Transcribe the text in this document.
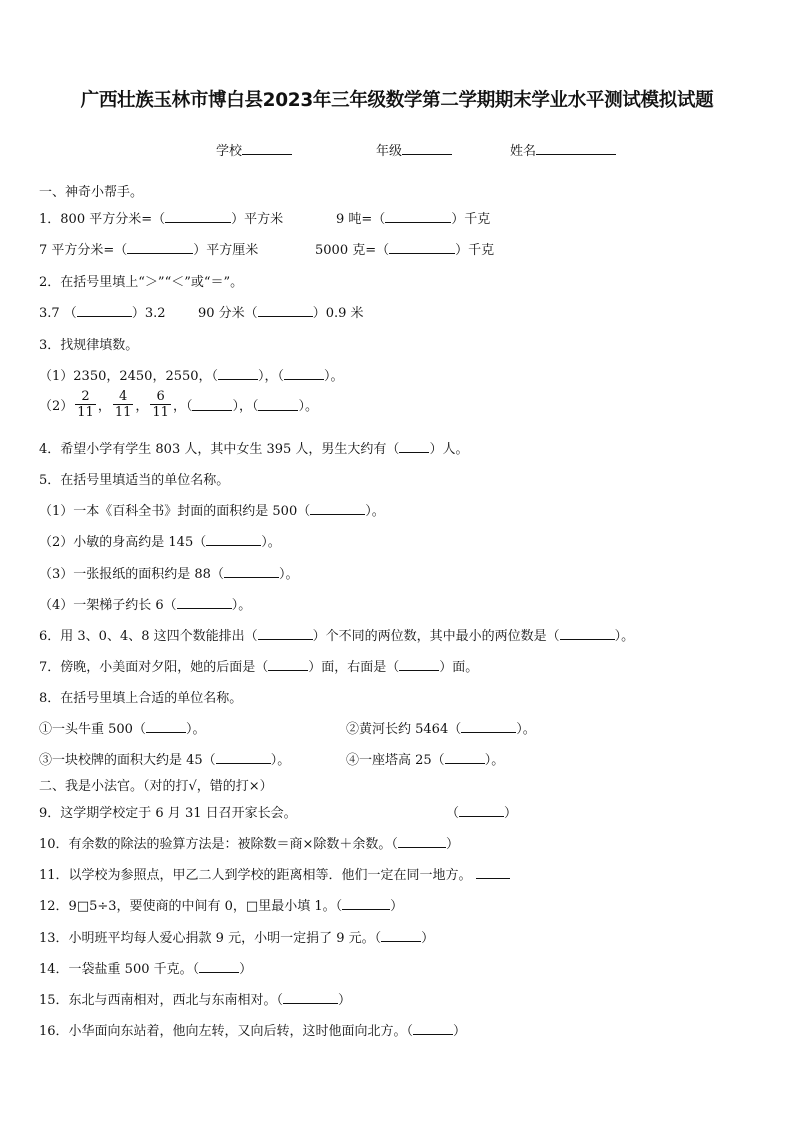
广西壮族玉林市博白县2023年三年级数学第二学期期末学业水平测试模拟试题
学校	年级	姓名
一、神奇小帮手。
1．800 平方分米=（	）平方米	9 吨=（	）千克
7 平方分米=（	）平方厘米	5000 克=（	）千克
2．在括号里填上“＞”“＜”或“＝”。
3.7 （	）3.2	90 分米（	）0.9 米
3．找规律填数。
（1）2350，2450，2550，（	），（	）。
$(2) \frac{2}{11}$ ， $\frac{4}{11}$ ， $\frac{6}{11}$ ，（	），（	）。
4．希望小学有学生 803 人，其中女生 395 人，男生大约有（ ）人。
5．在括号里填适当的单位名称。
（1）一本《百科全书》封面的面积约是 500（	）。
（2）小敏的身高约是 145（	）。
（3）一张报纸的面积约是 88（	）。
（4）一架梯子约长 6（	）。
6．用 3、0、4、8 这四个数能排出（	）个不同的两位数，其中最小的两位数是（	）。
7．傍晚，小美面对夕阳，她的后面是（	）面，右面是（	）面。
8．在括号里填上合适的单位名称。
①一头牛重 500（	）。	②黄河长约 5464（	）。
③一块校牌的面积大约是 45（	）。	④一座塔高 25（	）。
二、我是小法官。（对的打√，错的打×）
9．这学期学校定于 6 月 31 日召开家长会。	（	）
10．有余数的除法的验算方法是：被除数＝商×除数＋余数。（	）
11．以学校为参照点，甲乙二人到学校的距离相等．他们一定在同一地方。
12．9□5÷3，要使商的中间有 0，□里最小填 1。（	）
13．小明班平均每人爱心捐款 9 元，小明一定捐了 9 元。（	）
14．一袋盐重 500 千克。（	）
15．东北与西南相对，西北与东南相对。（	）
16．小华面向东站着，他向左转，又向后转，这时他面向北方。（	）
